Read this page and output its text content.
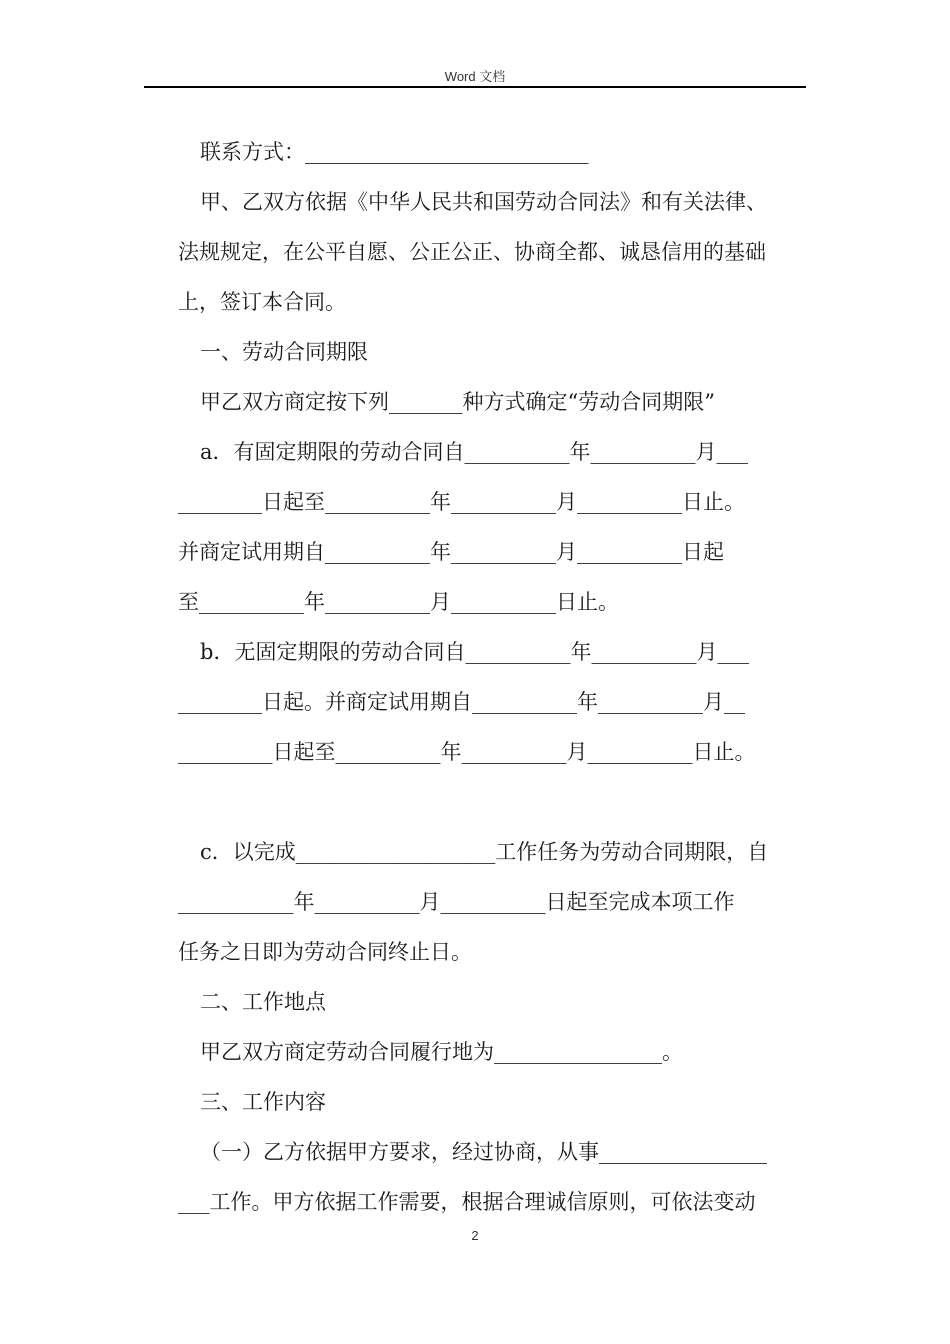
Word 文档
联系方式：___________________________
甲、乙双方依据《中华人民共和国劳动合同法》和有关法律、
法规规定，在公平自愿、公正公正、协商全都、诚恳信用的基础
上，签订本合同。
一、劳动合同期限
甲乙双方商定按下列_______种方式确定“劳动合同期限”
a．有固定期限的劳动合同自__________年__________月___
________日起至__________年__________月__________日止。
并商定试用期自__________年__________月__________日起
至__________年__________月__________日止。
b．无固定期限的劳动合同自__________年__________月___
________日起。并商定试用期自__________年__________月__
_________日起至__________年__________月__________日止。
c．以完成___________________工作任务为劳动合同期限，自
___________年__________月__________日起至完成本项工作
任务之日即为劳动合同终止日。
二、工作地点
甲乙双方商定劳动合同履行地为________________。
三、工作内容
（一）乙方依据甲方要求，经过协商，从事________________
___工作。甲方依据工作需要，根据合理诚信原则，可依法变动
2
